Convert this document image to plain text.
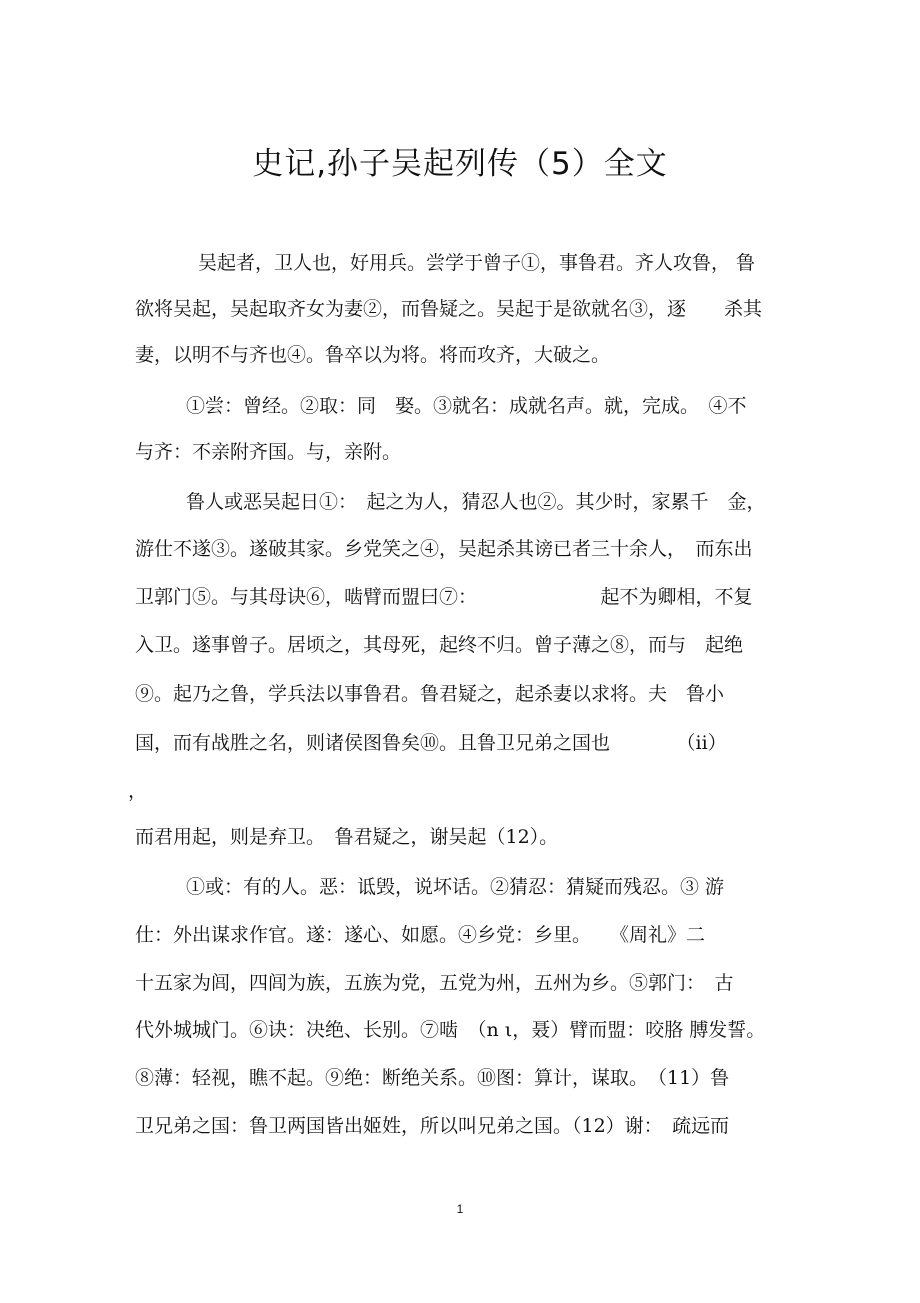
史记,孙子吴起列传（5）全文
吴起者，卫人也，好用兵。尝学于曾子①，事鲁君。齐人攻鲁， 鲁
欲将吴起，吴起取齐女为妻②，而鲁疑之。吴起于是欲就名③，逐　　杀其
妻，以明不与齐也④。鲁卒以为将。将而攻齐，大破之。
①尝：曾经。②取：同　娶。③就名：成就名声。就，完成。　④不
与齐：不亲附齐国。与，亲附。
鲁人或恶吴起日①：　起之为人，猜忍人也②。其少时，家累千　金，
游仕不遂③。遂破其家。乡党笑之④，吴起杀其谤已者三十余人，　而东出
卫郭门⑤。与其母诀⑥，啮臂而盟曰⑦：　　　　　　　起不为卿相，不复
入卫。遂事曾子。居顷之，其母死，起终不归。曾子薄之⑧，而与　起绝
⑨。起乃之鲁，学兵法以事鲁君。鲁君疑之，起杀妻以求将。夫　鲁小
国，而有战胜之名，则诸侯图鲁矣⑩。且鲁卫兄弟之国也　　　　（ii）
，
而君用起，则是弃卫。　鲁君疑之，谢吴起（12）。
①或：有的人。恶：诋毁，说坏话。②猜忍：猜疑而残忍。③ 游
仕：外出谋求作官。遂：遂心、如愿。④乡党：乡里。　　《周礼》二
十五家为闾，四闾为族，五族为党，五党为州，五州为乡。⑤郭门：　古
代外城城门。⑥诀：决绝、长别。⑦啮　（n ι，聂）臂而盟：咬胳 膊发誓。
⑧薄：轻视，瞧不起。⑨绝：断绝关系。⑩图：算计，谋取。　（11）鲁
卫兄弟之国：鲁卫两国皆出姬姓，所以叫兄弟之国。（12）谢：　疏远而
1
